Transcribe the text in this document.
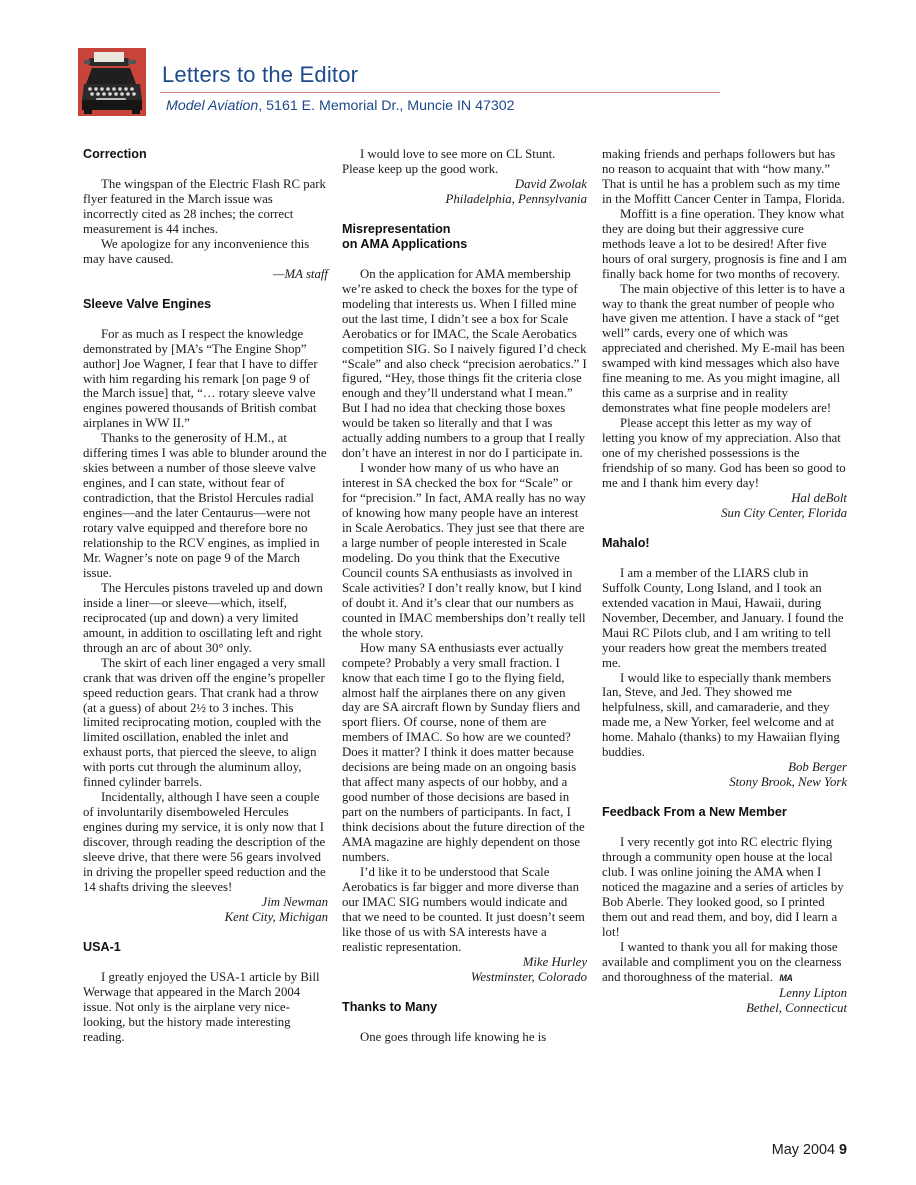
Letters to the Editor
Model Aviation, 5161 E. Memorial Dr., Muncie IN 47302
Correction

The wingspan of the Electric Flash RC park flyer featured in the March issue was incorrectly cited as 28 inches; the correct measurement is 44 inches.

We apologize for any inconvenience this may have caused.

—MA staff

Sleeve Valve Engines

For as much as I respect the knowledge demonstrated by [MA’s “The Engine Shop” author] Joe Wagner, I fear that I have to differ with him regarding his remark [on page 9 of the March issue] that, “… rotary sleeve valve engines powered thousands of British combat airplanes in WW II.”

Thanks to the generosity of H.M., at differing times I was able to blunder around the skies between a number of those sleeve valve engines, and I can state, without fear of contradiction, that the Bristol Hercules radial engines—and the later Centaurus—were not rotary valve equipped and therefore bore no relationship to the RCV engines, as implied in Mr. Wagner’s note on page 9 of the March issue.

The Hercules pistons traveled up and down inside a liner—or sleeve—which, itself, reciprocated (up and down) a very limited amount, in addition to oscillating left and right through an arc of about 30° only.

The skirt of each liner engaged a very small crank that was driven off the engine’s propeller speed reduction gears. That crank had a throw (at a guess) of about 2½ to 3 inches. This limited reciprocating motion, coupled with the limited oscillation, enabled the inlet and exhaust ports, that pierced the sleeve, to align with ports cut through the aluminum alloy, finned cylinder barrels.

Incidentally, although I have seen a couple of involuntarily disemboweled Hercules engines during my service, it is only now that I discover, through reading the description of the sleeve drive, that there were 56 gears involved in driving the propeller speed reduction and the 14 shafts driving the sleeves!

Jim Newman

Kent City, Michigan

USA-1

I greatly enjoyed the USA-1 article by Bill Werwage that appeared in the March 2004 issue. Not only is the airplane very nice-looking, but the history made interesting reading.

I would love to see more on CL Stunt. Please keep up the good work.

David Zwolak

Philadelphia, Pennsylvania

Misrepresentation
on AMA Applications

On the application for AMA membership we’re asked to check the boxes for the type of modeling that interests us. When I filled mine out the last time, I didn’t see a box for Scale Aerobatics or for IMAC, the Scale Aerobatics competition SIG. So I naively figured I’d check “Scale” and also check “precision aerobatics.” I figured, “Hey, those things fit the criteria close enough and they’ll understand what I mean.” But I had no idea that checking those boxes would be taken so literally and that I was actually adding numbers to a group that I really don’t have an interest in nor do I participate in.

I wonder how many of us who have an interest in SA checked the box for “Scale” or for “precision.” In fact, AMA really has no way of knowing how many people have an interest in Scale Aerobatics. They just see that there are a large number of people interested in Scale modeling. Do you think that the Executive Council counts SA enthusiasts as involved in Scale activities? I don’t really know, but I kind of doubt it. And it’s clear that our numbers as counted in IMAC memberships don’t really tell the whole story.

How many SA enthusiasts ever actually compete? Probably a very small fraction. I know that each time I go to the flying field, almost half the airplanes there on any given day are SA aircraft flown by Sunday fliers and sport fliers. Of course, none of them are members of IMAC. So how are we counted? Does it matter? I think it does matter because decisions are being made on an ongoing basis that affect many aspects of our hobby, and a good number of those decisions are based in part on the numbers of participants. In fact, I think decisions about the future direction of the AMA magazine are highly dependent on those numbers.

I’d like it to be understood that Scale Aerobatics is far bigger and more diverse than our IMAC SIG numbers would indicate and that we need to be counted. It just doesn’t seem like those of us with SA interests have a realistic representation.

Mike Hurley

Westminster, Colorado

Thanks to Many

One goes through life knowing he is

making friends and perhaps followers but has no reason to acquaint that with “how many.” That is until he has a problem such as my time in the Moffitt Cancer Center in Tampa, Florida.

Moffitt is a fine operation. They know what they are doing but their aggressive cure methods leave a lot to be desired! After five hours of oral surgery, prognosis is fine and I am finally back home for two months of recovery.

The main objective of this letter is to have a way to thank the great number of people who have given me attention. I have a stack of “get well” cards, every one of which was appreciated and cherished. My E-mail has been swamped with kind messages which also have fine meaning to me. As you might imagine, all this came as a surprise and in reality demonstrates what fine people modelers are!

Please accept this letter as my way of letting you know of my appreciation. Also that one of my cherished possessions is the friendship of so many. God has been so good to me and I thank him every day!

Hal deBolt

Sun City Center, Florida

Mahalo!

I am a member of the LIARS club in Suffolk County, Long Island, and I took an extended vacation in Maui, Hawaii, during November, December, and January. I found the Maui RC Pilots club, and I am writing to tell your readers how great the members treated me.

I would like to especially thank members Ian, Steve, and Jed. They showed me helpfulness, skill, and camaraderie, and they made me, a New Yorker, feel welcome and at home. Mahalo (thanks) to my Hawaiian flying buddies.

Bob Berger

Stony Brook, New York

Feedback From a New Member

I very recently got into RC electric flying through a community open house at the local club. I was online joining the AMA when I noticed the magazine and a series of articles by Bob Aberle. They looked good, so I printed them out and read them, and boy, did I learn a lot!

I wanted to thank you all for making those available and compliment you on the clearness and thoroughness of the material. MA

Lenny Lipton

Bethel, Connecticut

May 2004 9
